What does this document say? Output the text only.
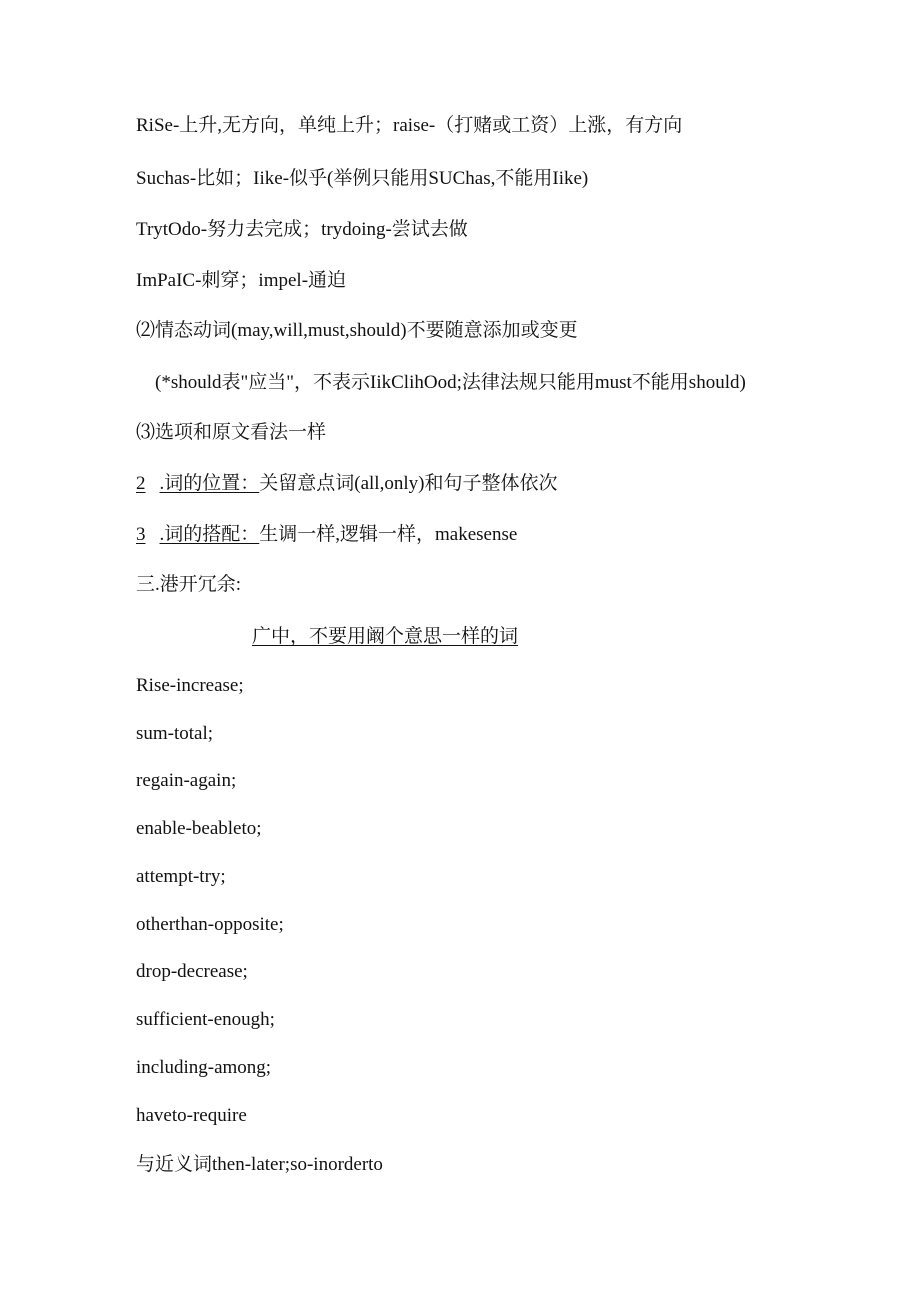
RiSe-上升,无方向，单纯上升；raise-（打赌或工资）上涨，有方向
Suchas-比如；Iike-似乎(举例只能用SUChas,不能用Iike)
TrytOdo-努力去完成；trydoing-尝试去做
ImPaIC-刺穿；impel-通迫
⑵情态动词(may,will,must,should)不要随意添加或变更
(*should表"应当"，不表示IikClihOod;法律法规只能用must不能用should)
⑶选项和原文看法一样
2 .词的位置：关留意点词(all,only)和句子整体依次
3 .词的搭配：生调一样,逻辑一样，makesense
三.港开冗余:
广中，不要用阚个意思一样的词
Rise-increase;
sum-total;
regain-again;
enable-beableto;
attempt-try;
otherthan-opposite;
drop-decrease;
sufficient-enough;
including-among;
haveto-require
与近义词then-later;so-inorderto
